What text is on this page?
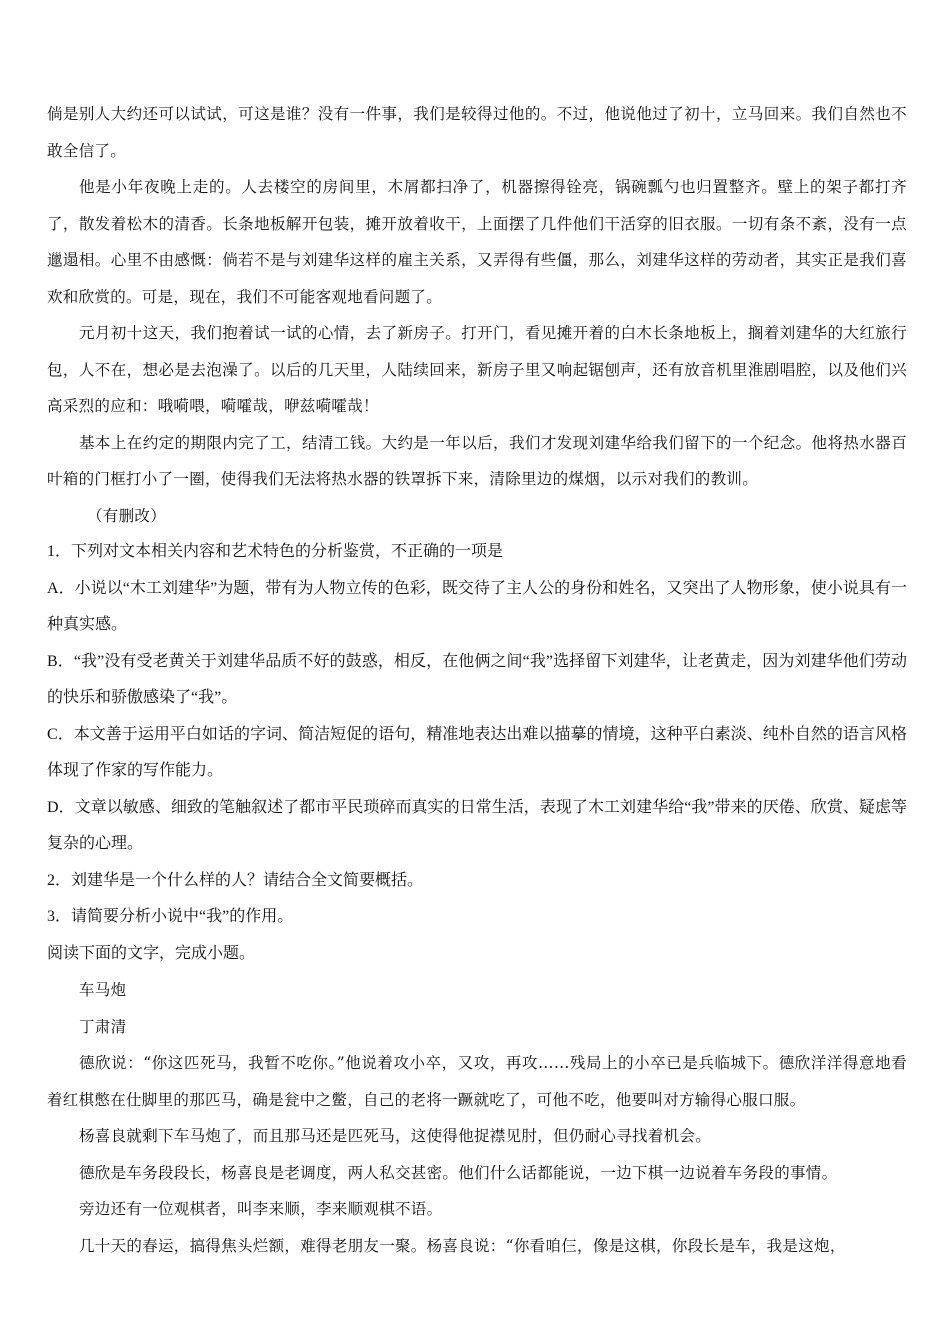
倘是别人大约还可以试试，可这是谁？没有一件事，我们是较得过他的。不过，他说他过了初十，立马回来。我们自然也不敢全信了。

他是小年夜晚上走的。人去楼空的房间里，木屑都扫净了，机器擦得铨亮，锅碗瓢勺也归置整齐。壁上的架子都打齐了，散发着松木的清香。长条地板解开包装，摊开放着收干，上面摆了几件他们干活穿的旧衣服。一切有条不紊，没有一点邋遢相。心里不由感慨：倘若不是与刘建华这样的雇主关系，又弄得有些僵，那么，刘建华这样的劳动者，其实正是我们喜欢和欣赏的。可是，现在，我们不可能客观地看问题了。

元月初十这天，我们抱着试一试的心情，去了新房子。打开门，看见摊开着的白木长条地板上，搁着刘建华的大红旅行包，人不在，想必是去泡澡了。以后的几天里，人陆续回来，新房子里又响起锯刨声，还有放音机里淮剧唱腔，以及他们兴高采烈的应和：哦嗬喂，嗬嚯哉，咿兹嗬嚯哉！

基本上在约定的期限内完了工，结清工钱。大约是一年以后，我们才发现刘建华给我们留下的一个纪念。他将热水器百叶箱的门框打小了一圈，使得我们无法将热水器的铁罩拆下来，清除里边的煤烟，以示对我们的教训。

（有删改）

1．下列对文本相关内容和艺术特色的分析鉴赏，不正确的一项是

A．小说以“木工刘建华”为题，带有为人物立传的色彩，既交待了主人公的身份和姓名，又突出了人物形象，使小说具有一种真实感。

B．“我”没有受老黄关于刘建华品质不好的鼓惑，相反，在他俩之间“我”选择留下刘建华，让老黄走，因为刘建华他们劳动的快乐和骄傲感染了“我”。

C．本文善于运用平白如话的字词、简洁短促的语句，精准地表达出难以描摹的情境，这种平白素淡、纯朴自然的语言风格体现了作家的写作能力。

D．文章以敏感、细致的笔触叙述了都市平民琐碎而真实的日常生活，表现了木工刘建华给“我”带来的厌倦、欣赏、疑虑等复杂的心理。

2．刘建华是一个什么样的人？请结合全文简要概括。

3．请简要分析小说中“我”的作用。

阅读下面的文字，完成小题。

车马炮

丁肃清

德欣说：“你这匹死马，我暂不吃你。”他说着攻小卒，又攻，再攻……残局上的小卒已是兵临城下。德欣洋洋得意地看着红棋憋在仕脚里的那匹马，确是瓮中之鳖，自己的老将一蹶就吃了，可他不吃，他要叫对方输得心服口服。

杨喜良就剩下车马炮了，而且那马还是匹死马，这使得他捉襟见肘，但仍耐心寻找着机会。

德欣是车务段段长，杨喜良是老调度，两人私交甚密。他们什么话都能说，一边下棋一边说着车务段的事情。

旁边还有一位观棋者，叫李来顺，李来顺观棋不语。

几十天的春运，搞得焦头烂额，难得老朋友一聚。杨喜良说：“你看咱仨，像是这棋，你段长是车，我是这炮，
